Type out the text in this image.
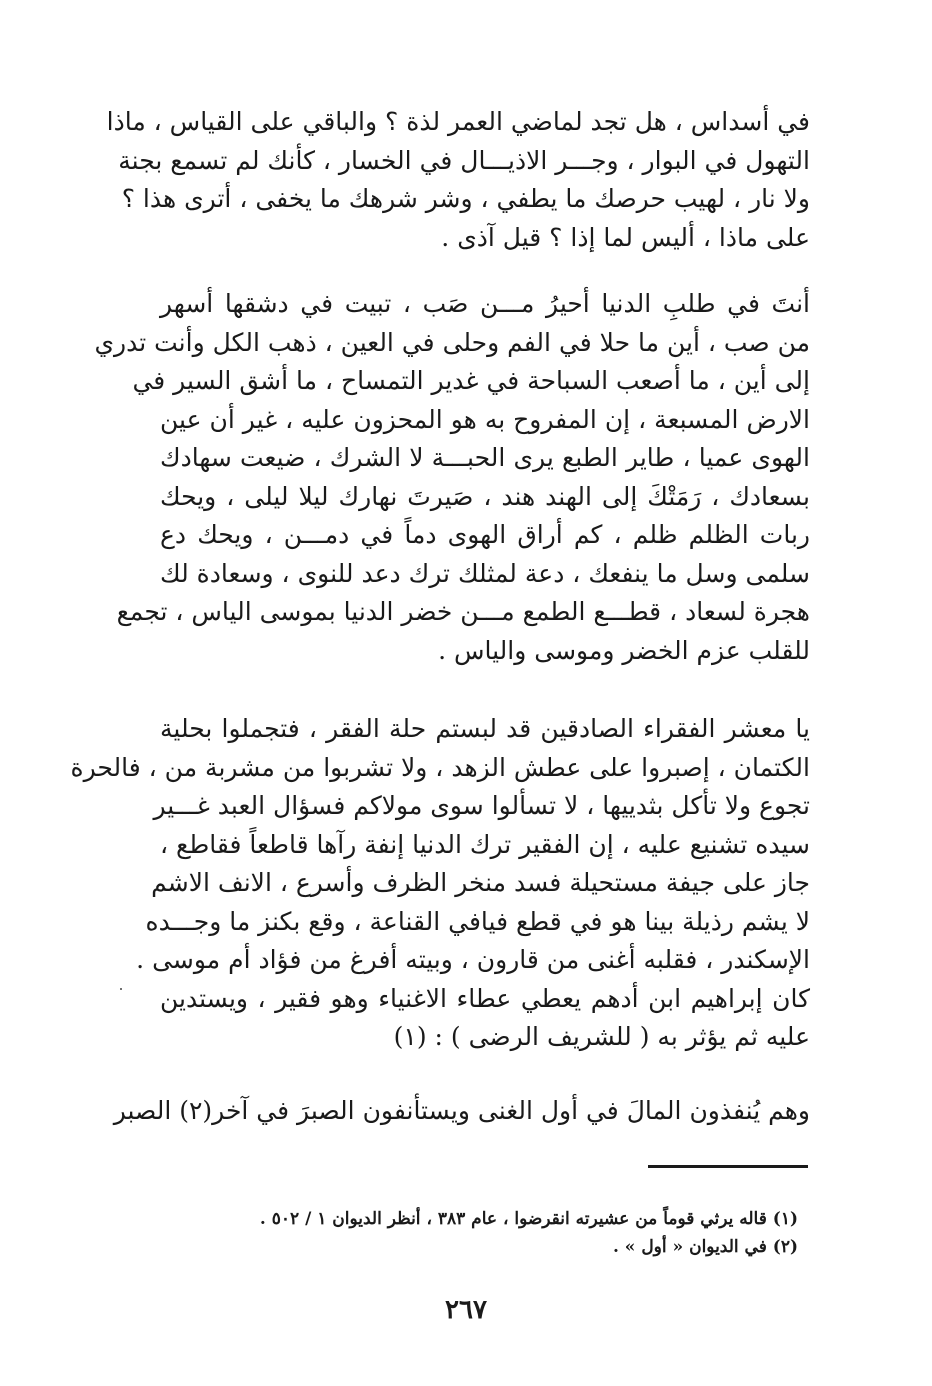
في أسداس ، هل تجد لماضي العمر لذة ؟ والباقي على القياس ، ماذا
التهول في البوار ، وجـــر الاذيـــال في الخسار ، كأنك لم تسمع بجنة
ولا نار ، لهيب حرصك ما يطفي ، وشر شرهك ما يخفى ، أترى هذا ؟
على ماذا ، أليس لما إذا ؟ قيل آذى .
أنتَ في طلبِ الدنيا أحيرُ مـــن صَب ، تبيت في دشقها أسهر
من صب ، أين ما حلا في الفم وحلى في العين ، ذهب الكل وأنت تدري
إلى أين ، ما أصعب السباحة في غدير التمساح ، ما أشق السير في
الارض المسبعة ، إن المفروح به هو المحزون عليه ، غير أن عين
الهوى عميا ، طاير الطبع يرى الحبـــة لا الشرك ، ضيعت سهادك
بسعادك ، رَمَتْكَ إلى الهند هند ، صَيرتَ نهارك ليلا ليلى ، ويحك
ربات الظلم ظلم ، كم أراق الهوى دماً في دمـــن ، ويحك دع
سلمى وسل ما ينفعك ، دعة لمثلك ترك دعد للنوى ، وسعادة لك
هجرة لسعاد ، قطـــع الطمع مـــن خضر الدنيا بموسى الياس ، تجمع
للقلب عزم الخضر وموسى والياس .
يا معشر الفقراء الصادقين قد لبستم حلة الفقر ، فتجملوا بحلية
الكتمان ، إصبروا على عطش الزهد ، ولا تشربوا من مشربة من ، فالحرة
تجوع ولا تأكل بثدييها ، لا تسألوا سوى مولاكم فسؤال العبد غـــير
سيده تشنيع عليه ، إن الفقير ترك الدنيا إنفة رآها قاطعاً فقاطع ،
جاز على جيفة مستحيلة فسد منخر الظرف وأسرع ، الانف الاشم
لا يشم رذيلة بينا هو في قطع فيافي القناعة ، وقع بكنز ما وجـــده
الإسكندر ، فقلبه أغنى من قارون ، وبيته أفرغ من فؤاد أم موسى .
كان إبراهيم ابن أدهم يعطي عطاء الاغنياء وهو فقير ، ويستدين
عليه ثم يؤثر به ( للشريف الرضى ) : (١)
وهم يُنفذون المالَ في أول الغنى ويستأنفون الصبرَ في آخر(٢) الصبر
(١) قاله يرثي قوماً من عشيرته انقرضوا ، عام ٣٨٣ ، أنظر الديوان ١ / ٥٠٢ .
(٢) في الديوان « أول » .
٢٦٧
